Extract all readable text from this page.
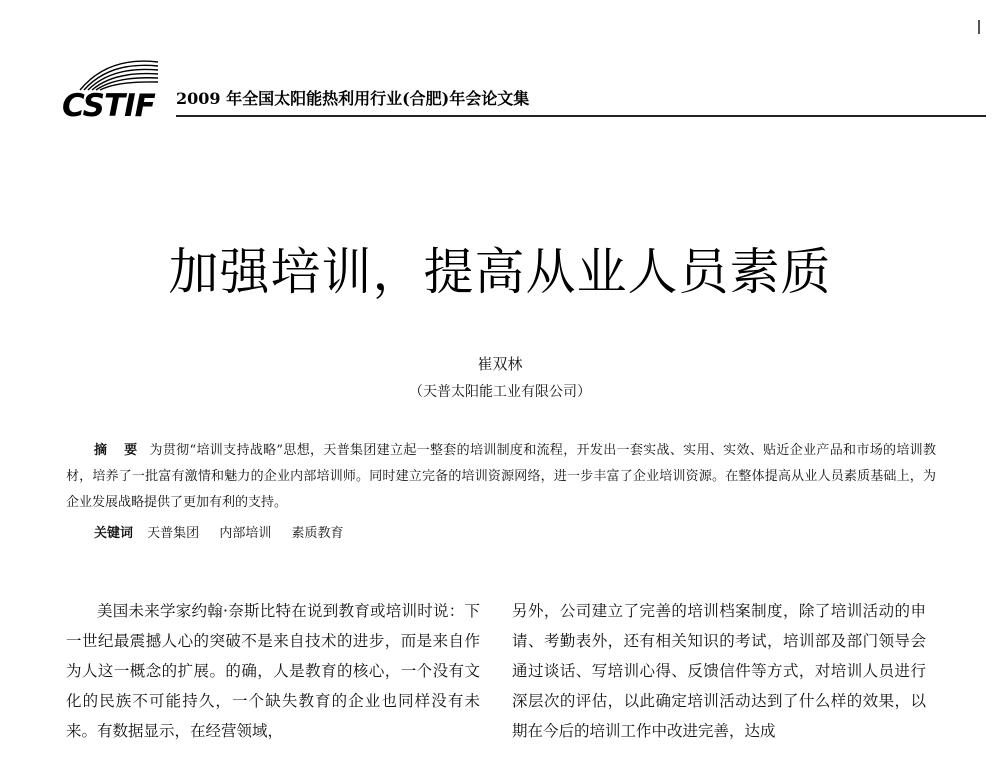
CSTIF 2009 年全国太阳能热利用行业(合肥)年会论文集
加强培训，提高从业人员素质
崔双林
（天普太阳能工业有限公司）
摘 要 为贯彻“培训支持战略”思想，天普集团建立起一整套的培训制度和流程，开发出一套实战、实用、实效、贴近企业产品和市场的培训教材，培养了一批富有激情和魅力的企业内部培训师。同时建立完备的培训资源网络，进一步丰富了企业培训资源。在整体提高从业人员素质基础上，为企业发展战略提供了更加有利的支持。
关键词 天普集团 内部培训 素质教育
美国未来学家约翰·奈斯比特在说到教育或培训时说：下一世纪最震撼人心的突破不是来自技术的进步，而是来自作为人这一概念的扩展。的确，人是教育的核心，一个没有文化的民族不可能持久，一个缺失教育的企业也同样没有未来。有数据显示，在经营领域，
另外，公司建立了完善的培训档案制度，除了培训活动的申请、考勤表外，还有相关知识的考试，培训部及部门领导会通过谈话、写培训心得、反馈信件等方式，对培训人员进行深层次的评估，以此确定培训活动达到了什么样的效果，以期在今后的培训工作中改进完善，达成
